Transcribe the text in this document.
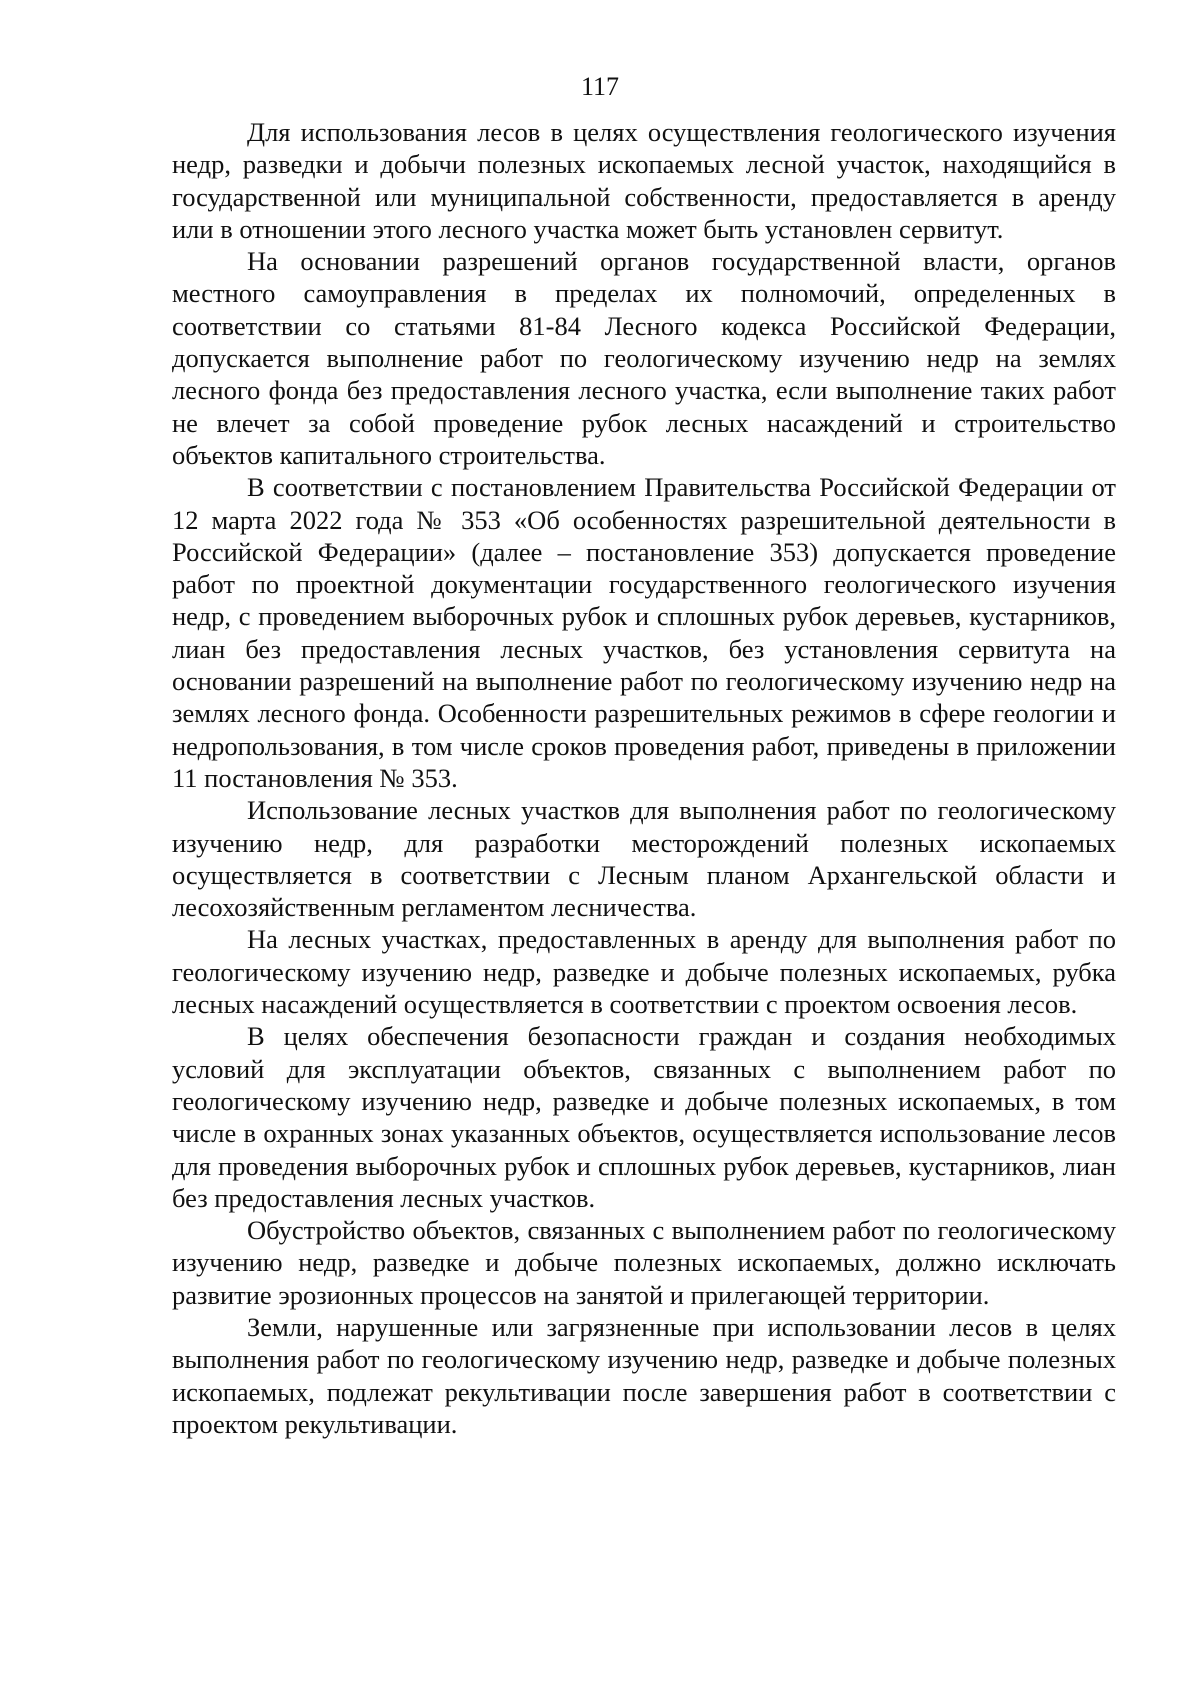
117

Для использования лесов в целях осуществления геологического изучения недр, разведки и добычи полезных ископаемых лесной участок, находящийся в государственной или муниципальной собственности, предоставляется в аренду или в отношении этого лесного участка может быть установлен сервитут.

На основании разрешений органов государственной власти, органов местного самоуправления в пределах их полномочий, определенных в соответствии со статьями 81-84 Лесного кодекса Российской Федерации, допускается выполнение работ по геологическому изучению недр на землях лесного фонда без предоставления лесного участка, если выполнение таких работ не влечет за собой проведение рубок лесных насаждений и строительство объектов капитального строительства.

В соответствии с постановлением Правительства Российской Федерации от 12 марта 2022 года № 353 «Об особенностях разрешительной деятельности в Российской Федерации» (далее – постановление 353) допускается проведение работ по проектной документации государственного геологического изучения недр, с проведением выборочных рубок и сплошных рубок деревьев, кустарников, лиан без предоставления лесных участков, без установления сервитута на основании разрешений на выполнение работ по геологическому изучению недр на землях лесного фонда. Особенности разрешительных режимов в сфере геологии и недропользования, в том числе сроков проведения работ, приведены в приложении 11 постановления № 353.

Использование лесных участков для выполнения работ по геологическому изучению недр, для разработки месторождений полезных ископаемых осуществляется в соответствии с Лесным планом Архангельской области и лесохозяйственным регламентом лесничества.

На лесных участках, предоставленных в аренду для выполнения работ по геологическому изучению недр, разведке и добыче полезных ископаемых, рубка лесных насаждений осуществляется в соответствии с проектом освоения лесов.

В целях обеспечения безопасности граждан и создания необходимых условий для эксплуатации объектов, связанных с выполнением работ по геологическому изучению недр, разведке и добыче полезных ископаемых, в том числе в охранных зонах указанных объектов, осуществляется использование лесов для проведения выборочных рубок и сплошных рубок деревьев, кустарников, лиан без предоставления лесных участков.

Обустройство объектов, связанных с выполнением работ по геологическому изучению недр, разведке и добыче полезных ископаемых, должно исключать развитие эрозионных процессов на занятой и прилегающей территории.

Земли, нарушенные или загрязненные при использовании лесов в целях выполнения работ по геологическому изучению недр, разведке и добыче полезных ископаемых, подлежат рекультивации после завершения работ в соответствии с проектом рекультивации.
